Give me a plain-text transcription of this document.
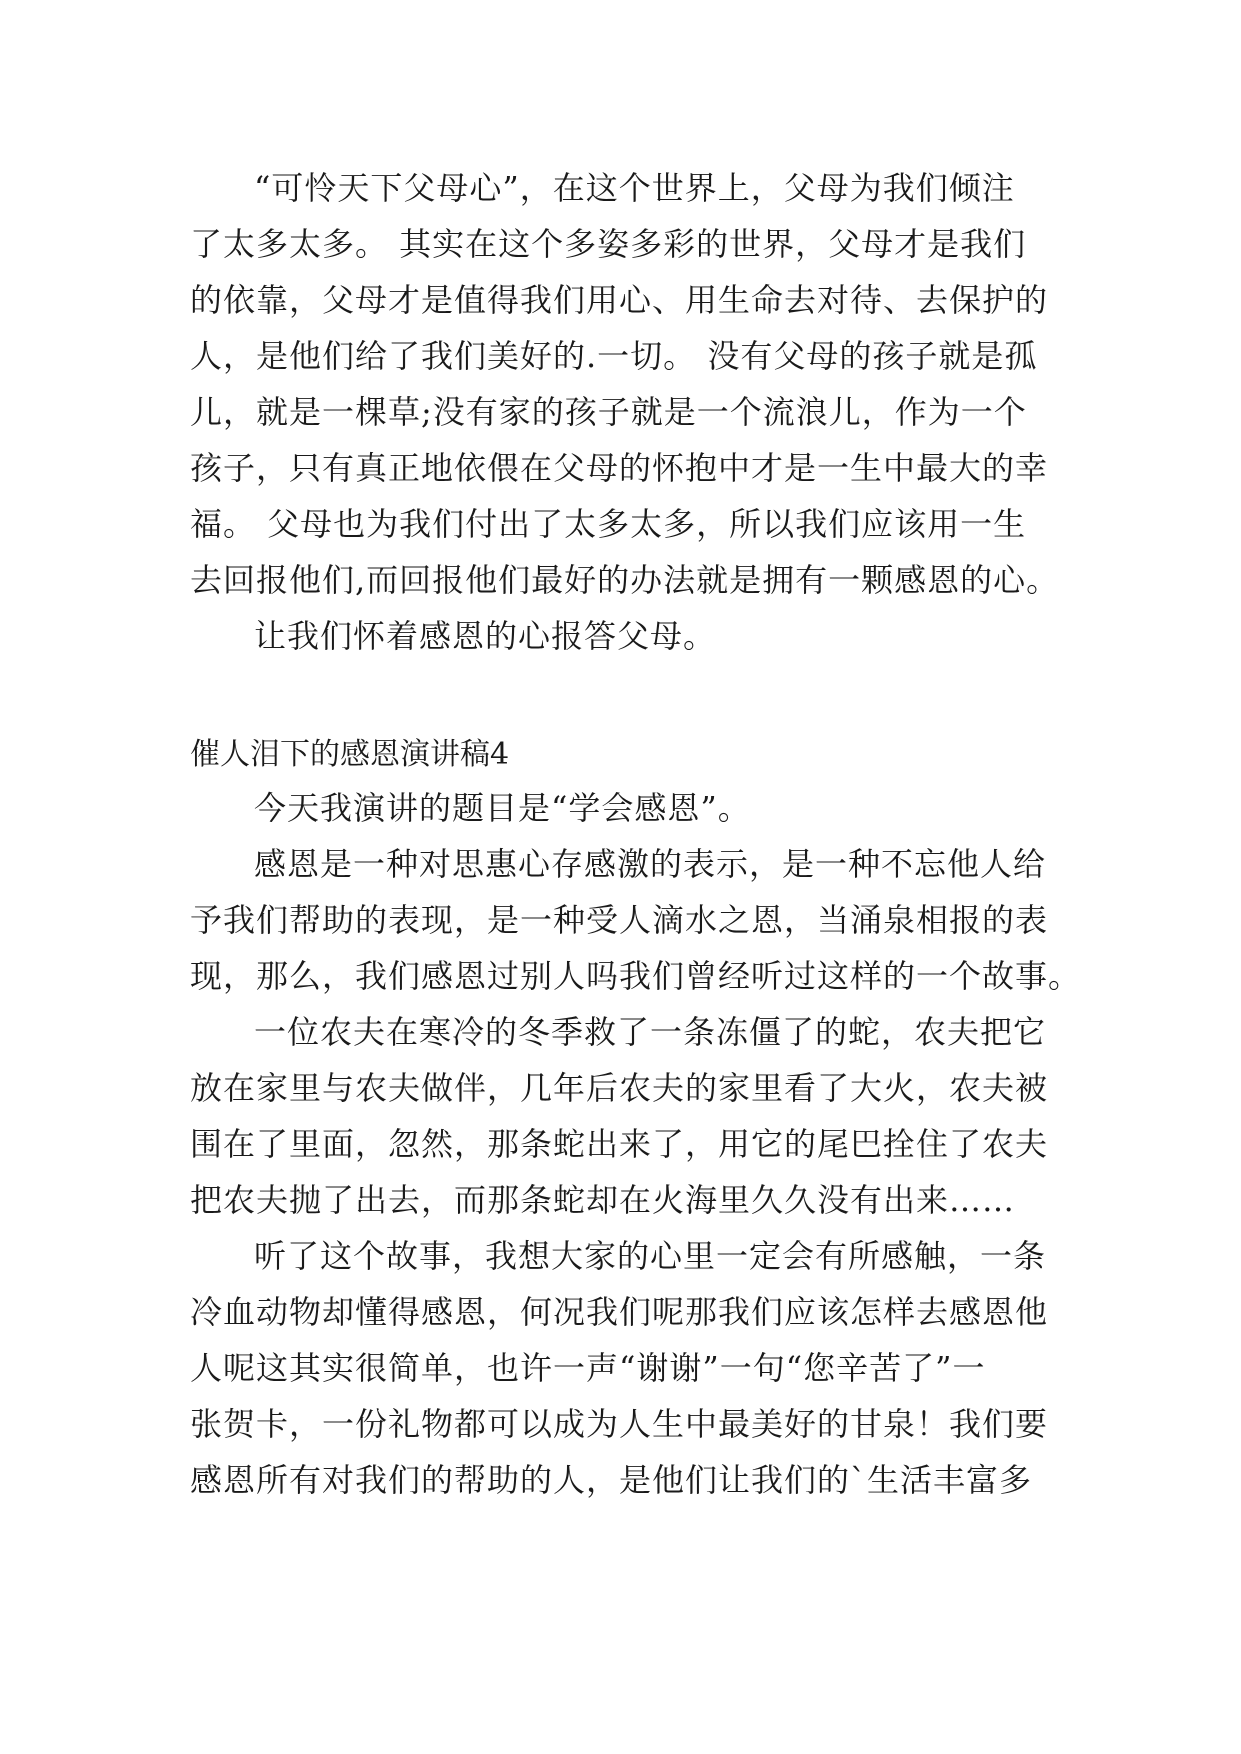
“可怜天下父母心”，在这个世界上，父母为我们倾注
了太多太多。 其实在这个多姿多彩的世界，父母才是我们
的依靠，父母才是值得我们用心、用生命去对待、去保护的
人，是他们给了我们美好的.一切。 没有父母的孩子就是孤
儿，就是一棵草;没有家的孩子就是一个流浪儿，作为一个
孩子，只有真正地依偎在父母的怀抱中才是一生中最大的幸
福。 父母也为我们付出了太多太多，所以我们应该用一生
去回报他们,而回报他们最好的办法就是拥有一颗感恩的心。
让我们怀着感恩的心报答父母。
催人泪下的感恩演讲稿4
今天我演讲的题目是“学会感恩”。
感恩是一种对思惠心存感激的表示，是一种不忘他人给
予我们帮助的表现，是一种受人滴水之恩，当涌泉相报的表
现，那么，我们感恩过别人吗我们曾经听过这样的一个故事。
一位农夫在寒冷的冬季救了一条冻僵了的蛇，农夫把它
放在家里与农夫做伴，几年后农夫的家里看了大火，农夫被
围在了里面，忽然，那条蛇出来了，用它的尾巴拴住了农夫
把农夫抛了出去，而那条蛇却在火海里久久没有出来……
听了这个故事，我想大家的心里一定会有所感触，一条
冷血动物却懂得感恩，何况我们呢那我们应该怎样去感恩他
人呢这其实很简单，也许一声“谢谢”一句“您辛苦了”一
张贺卡，一份礼物都可以成为人生中最美好的甘泉！我们要
感恩所有对我们的帮助的人，是他们让我们的`生活丰富多
